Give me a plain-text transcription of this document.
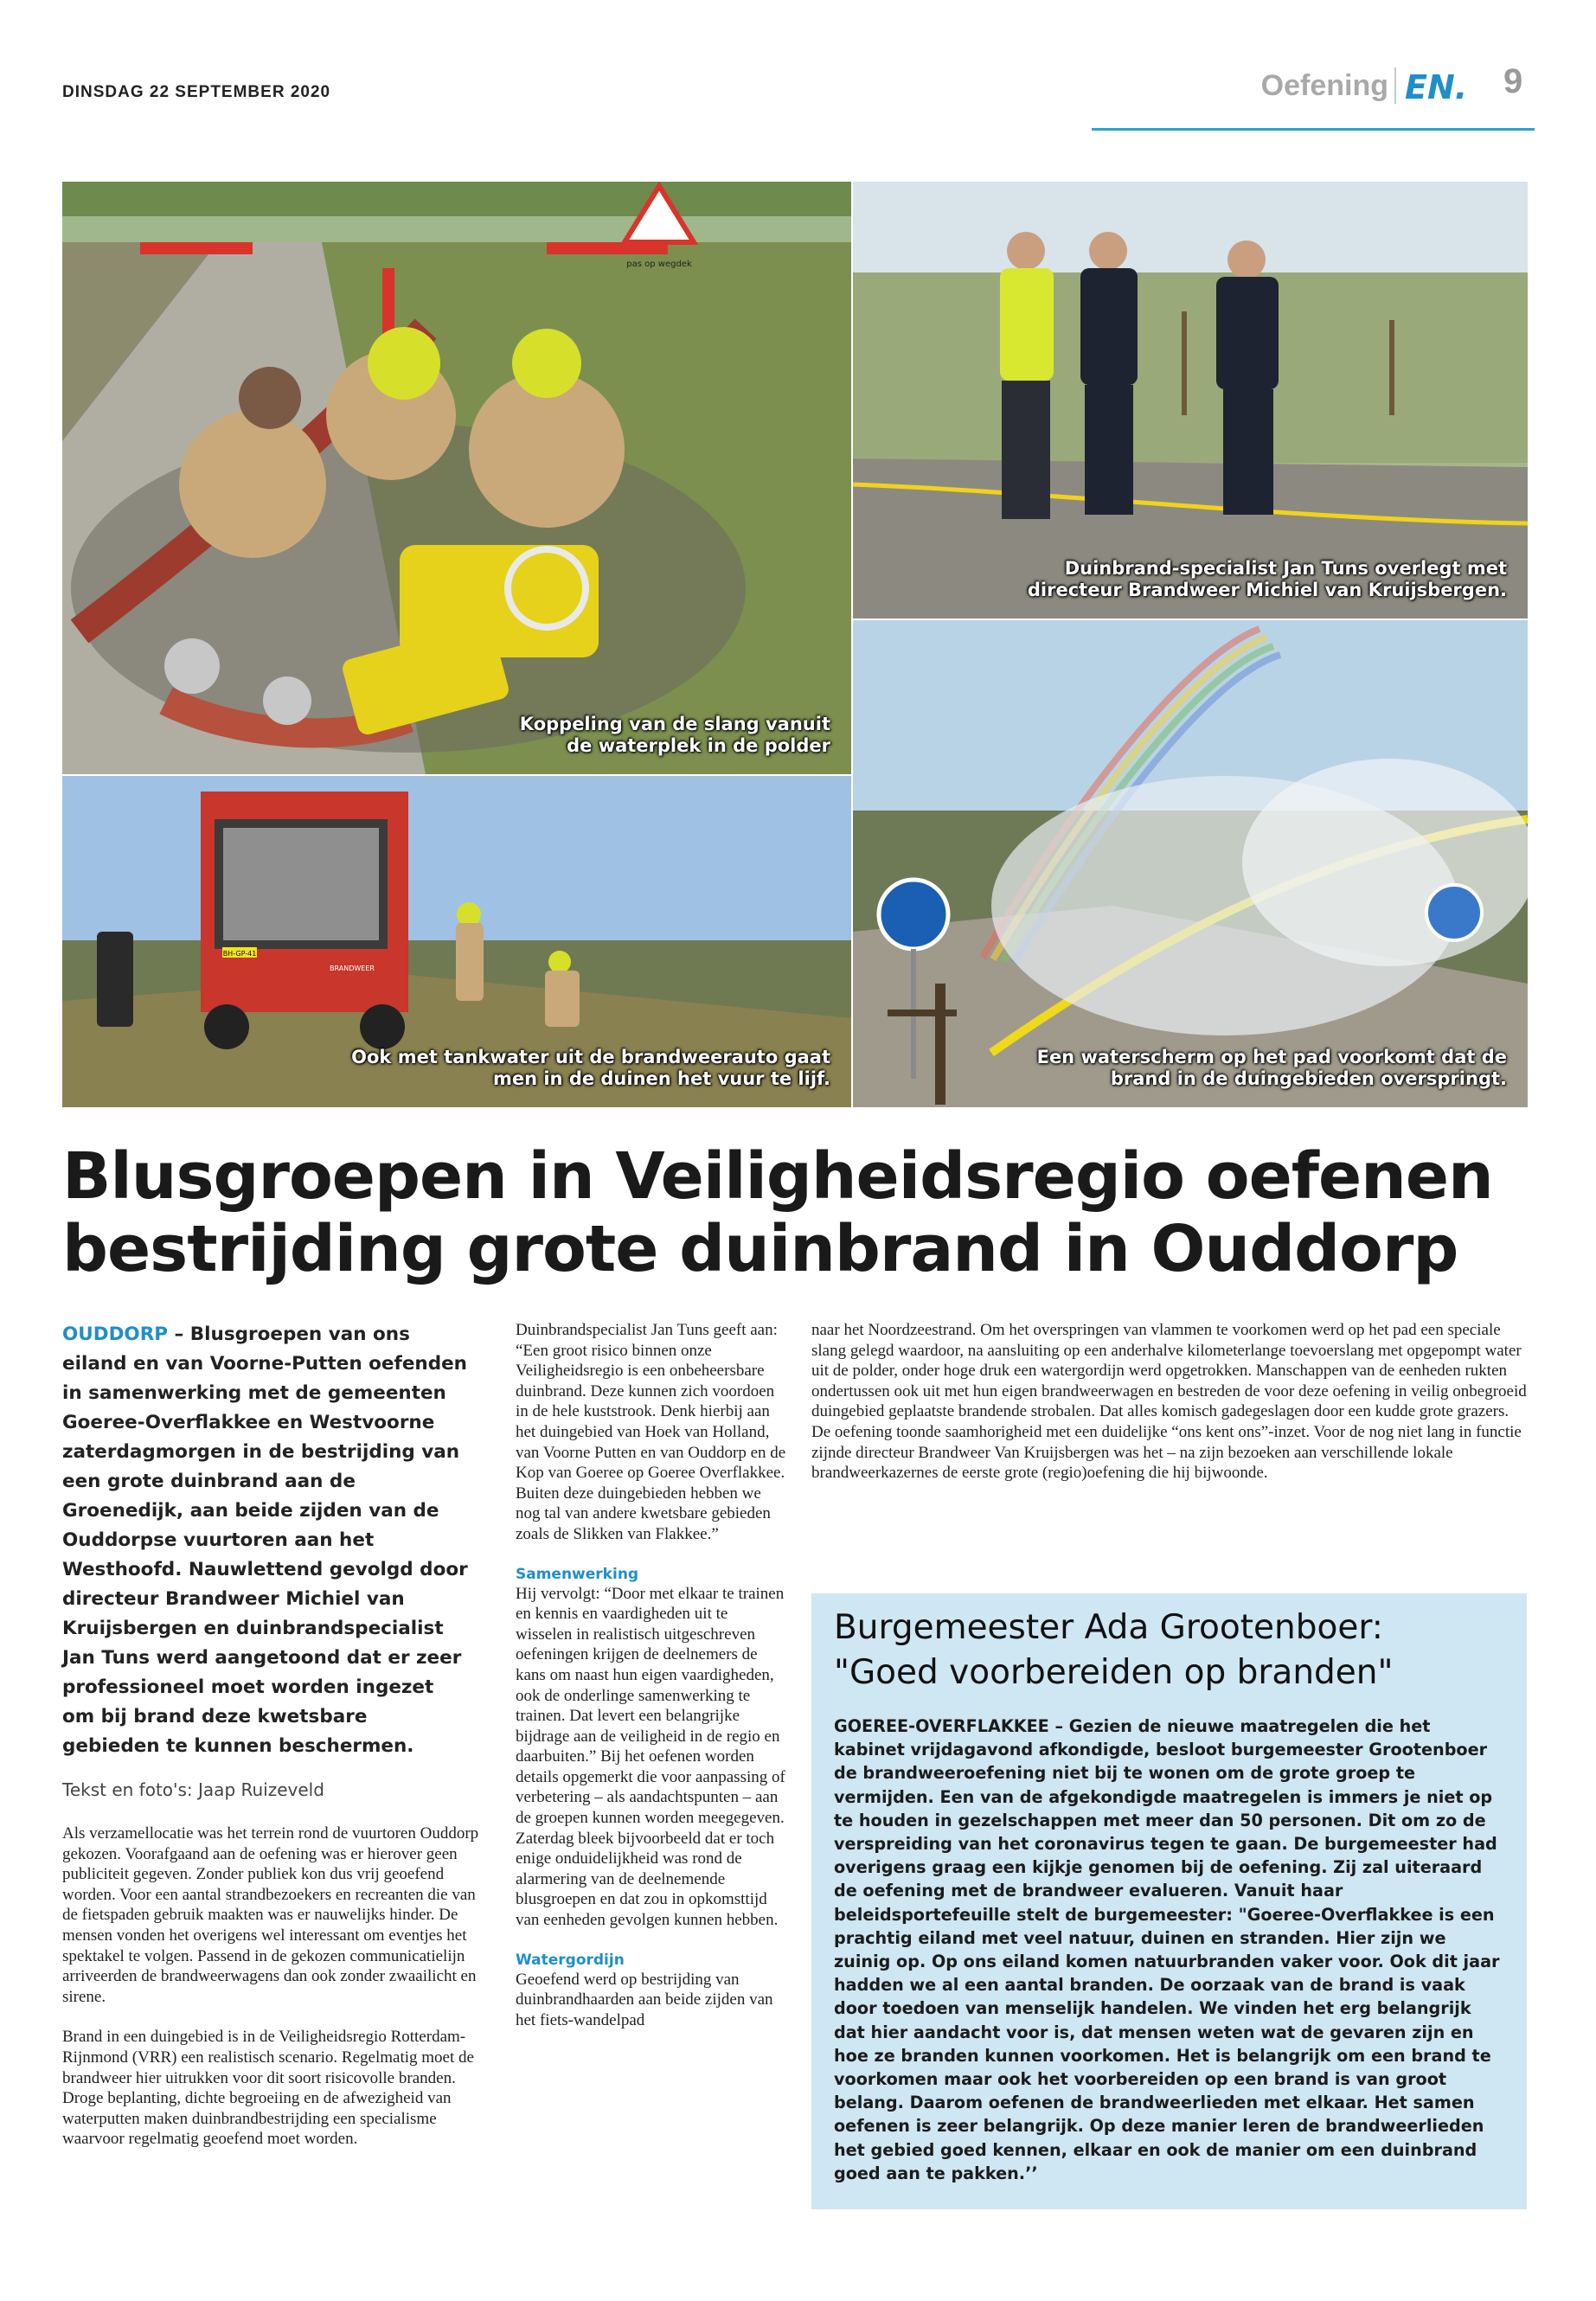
DINSDAG 22 SEPTEMBER 2020	Oefening EN. 9
pas op wegdek
Koppeling van de slang vanuit
de waterplek in de polder
Duinbrand-specialist Jan Tuns overlegt met
directeur Brandweer Michiel van Kruijsbergen.
BH-GP-41
BRANDWEER
Ook met tankwater uit de brandweerauto gaat
men in de duinen het vuur te lijf.
Een waterscherm op het pad voorkomt dat de
brand in de duingebieden overspringt.
Blusgroepen in Veiligheidsregio oefenen
bestrijding grote duinbrand in Ouddorp
OUDDORP – Blusgroepen van ons eiland en van Voorne-Putten oefenden in samenwerking met de gemeenten Goeree-Overflakkee en Westvoorne zaterdagmorgen in de bestrijding van een grote duinbrand aan de Groenedijk, aan beide zijden van de Ouddorpse vuurtoren aan het Westhoofd. Nauwlettend gevolgd door directeur Brandweer Michiel van Kruijsbergen en duinbrandspecialist Jan Tuns werd aangetoond dat er zeer professioneel moet worden ingezet om bij brand deze kwetsbare gebieden te kunnen beschermen.
Tekst en foto's: Jaap Ruizeveld

Als verzamellocatie was het terrein rond de vuurtoren Ouddorp gekozen. Voorafgaand aan de oefening was er hierover geen publiciteit gegeven. Zonder publiek kon dus vrij geoefend worden. Voor een aantal strandbezoekers en recreanten die van de fietspaden gebruik maakten was er nauwelijks hinder. De mensen vonden het overigens wel interessant om eventjes het spektakel te volgen. Passend in de gekozen communicatielijn arriveerden de brandweerwagens dan ook zonder zwaailicht en sirene.

Brand in een duingebied is in de Veiligheidsregio Rotterdam-Rijnmond (VRR) een realistisch scenario. Regelmatig moet de brandweer hier uitrukken voor dit soort risicovolle branden. Droge beplanting, dichte begroeiing en de afwezigheid van waterputten maken duinbrandbestrijding een specialisme waarvoor regelmatig geoefend moet worden.

Duinbrandspecialist Jan Tuns geeft aan: “Een groot risico binnen onze Veiligheidsregio is een onbeheersbare duinbrand. Deze kunnen zich voordoen in de hele kuststrook. Denk hierbij aan het duingebied van Hoek van Holland, van Voorne Putten en van Ouddorp en de Kop van Goeree op Goeree Overflakkee. Buiten deze duingebieden hebben we nog tal van andere kwetsbare gebieden zoals de Slikken van Flakkee.”

Samenwerking

Hij vervolgt: “Door met elkaar te trainen en kennis en vaardigheden uit te wisselen in realistisch uitgeschreven oefeningen krijgen de deelnemers de kans om naast hun eigen vaardigheden, ook de onderlinge samenwerking te trainen. Dat levert een belangrijke bijdrage aan de veiligheid in de regio en daarbuiten.” Bij het oefenen worden details opgemerkt die voor aanpassing of verbetering – als aandachtspunten – aan de groepen kunnen worden meegegeven. Zaterdag bleek bijvoorbeeld dat er toch enige onduidelijkheid was rond de alarmering van de deelnemende blusgroepen en dat zou in opkomsttijd van eenheden gevolgen kunnen hebben.

Watergordijn

Geoefend werd op bestrijding van duinbrandhaarden aan beide zijden van het fiets-wandelpad

naar het Noordzeestrand. Om het overspringen van vlammen te voorkomen werd op het pad een speciale slang gelegd waardoor, na aansluiting op een anderhalve kilometerlange toevoerslang met opgepompt water uit de polder, onder hoge druk een watergordijn werd opgetrokken. Manschappen van de eenheden rukten ondertussen ook uit met hun eigen brandweerwagen en bestreden de voor deze oefening in veilig onbegroeid duingebied geplaatste brandende strobalen. Dat alles komisch gadegeslagen door een kudde grote grazers. De oefening toonde saamhorigheid met een duidelijke “ons kent ons”-inzet. Voor de nog niet lang in functie zijnde directeur Brandweer Van Kruijsbergen was het – na zijn bezoeken aan verschillende lokale brandweerkazernes de eerste grote (regio)oefening die hij bijwoonde.

Burgemeester Ada Grootenboer:
"Goed voorbereiden op branden"
GOEREE-OVERFLAKKEE – Gezien de nieuwe maatregelen die het kabinet vrijdagavond afkondigde, besloot burgemeester Grootenboer de brandweeroefening niet bij te wonen om de grote groep te vermijden. Een van de afgekondigde maatregelen is immers je niet op te houden in gezelschappen met meer dan 50 personen. Dit om zo de verspreiding van het coronavirus tegen te gaan. De burgemeester had overigens graag een kijkje genomen bij de oefening. Zij zal uiteraard de oefening met de brandweer evalueren. Vanuit haar beleidsportefeuille stelt de burgemeester: "Goeree-Overflakkee is een prachtig eiland met veel natuur, duinen en stranden. Hier zijn we zuinig op. Op ons eiland komen natuurbranden vaker voor. Ook dit jaar hadden we al een aantal branden. De oorzaak van de brand is vaak door toedoen van menselijk handelen. We vinden het erg belangrijk dat hier aandacht voor is, dat mensen weten wat de gevaren zijn en hoe ze branden kunnen voorkomen. Het is belangrijk om een brand te voorkomen maar ook het voorbereiden op een brand is van groot belang. Daarom oefenen de brandweerlieden met elkaar. Het samen oefenen is zeer belangrijk. Op deze manier leren de brandweerlieden het gebied goed kennen, elkaar en ook de manier om een duinbrand goed aan te pakken.’’
